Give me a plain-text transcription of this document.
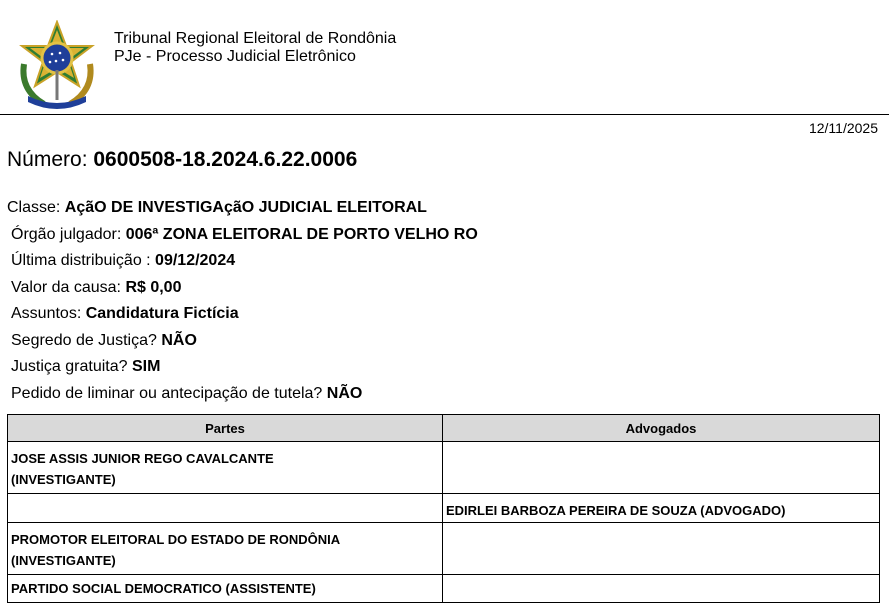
Tribunal Regional Eleitoral de Rondônia
PJe - Processo Judicial Eletrônico
12/11/2025
Número: 0600508-18.2024.6.22.0006
Classe: AçãO DE INVESTIGAçãO JUDICIAL ELEITORAL
Órgão julgador: 006ª ZONA ELEITORAL DE PORTO VELHO RO
Última distribuição : 09/12/2024
Valor da causa: R$ 0,00
Assuntos: Candidatura Fictícia
Segredo de Justiça? NÃO
Justiça gratuita? SIM
Pedido de liminar ou antecipação de tutela? NÃO
Partes	Advogados

JOSE ASSIS JUNIOR REGO CAVALCANTE
(INVESTIGANTE)	

	EDIRLEI BARBOZA PEREIRA DE SOUZA (ADVOGADO)

PROMOTOR ELEITORAL DO ESTADO DE RONDÔNIA
(INVESTIGANTE)	

PARTIDO SOCIAL DEMOCRATICO (ASSISTENTE)	
